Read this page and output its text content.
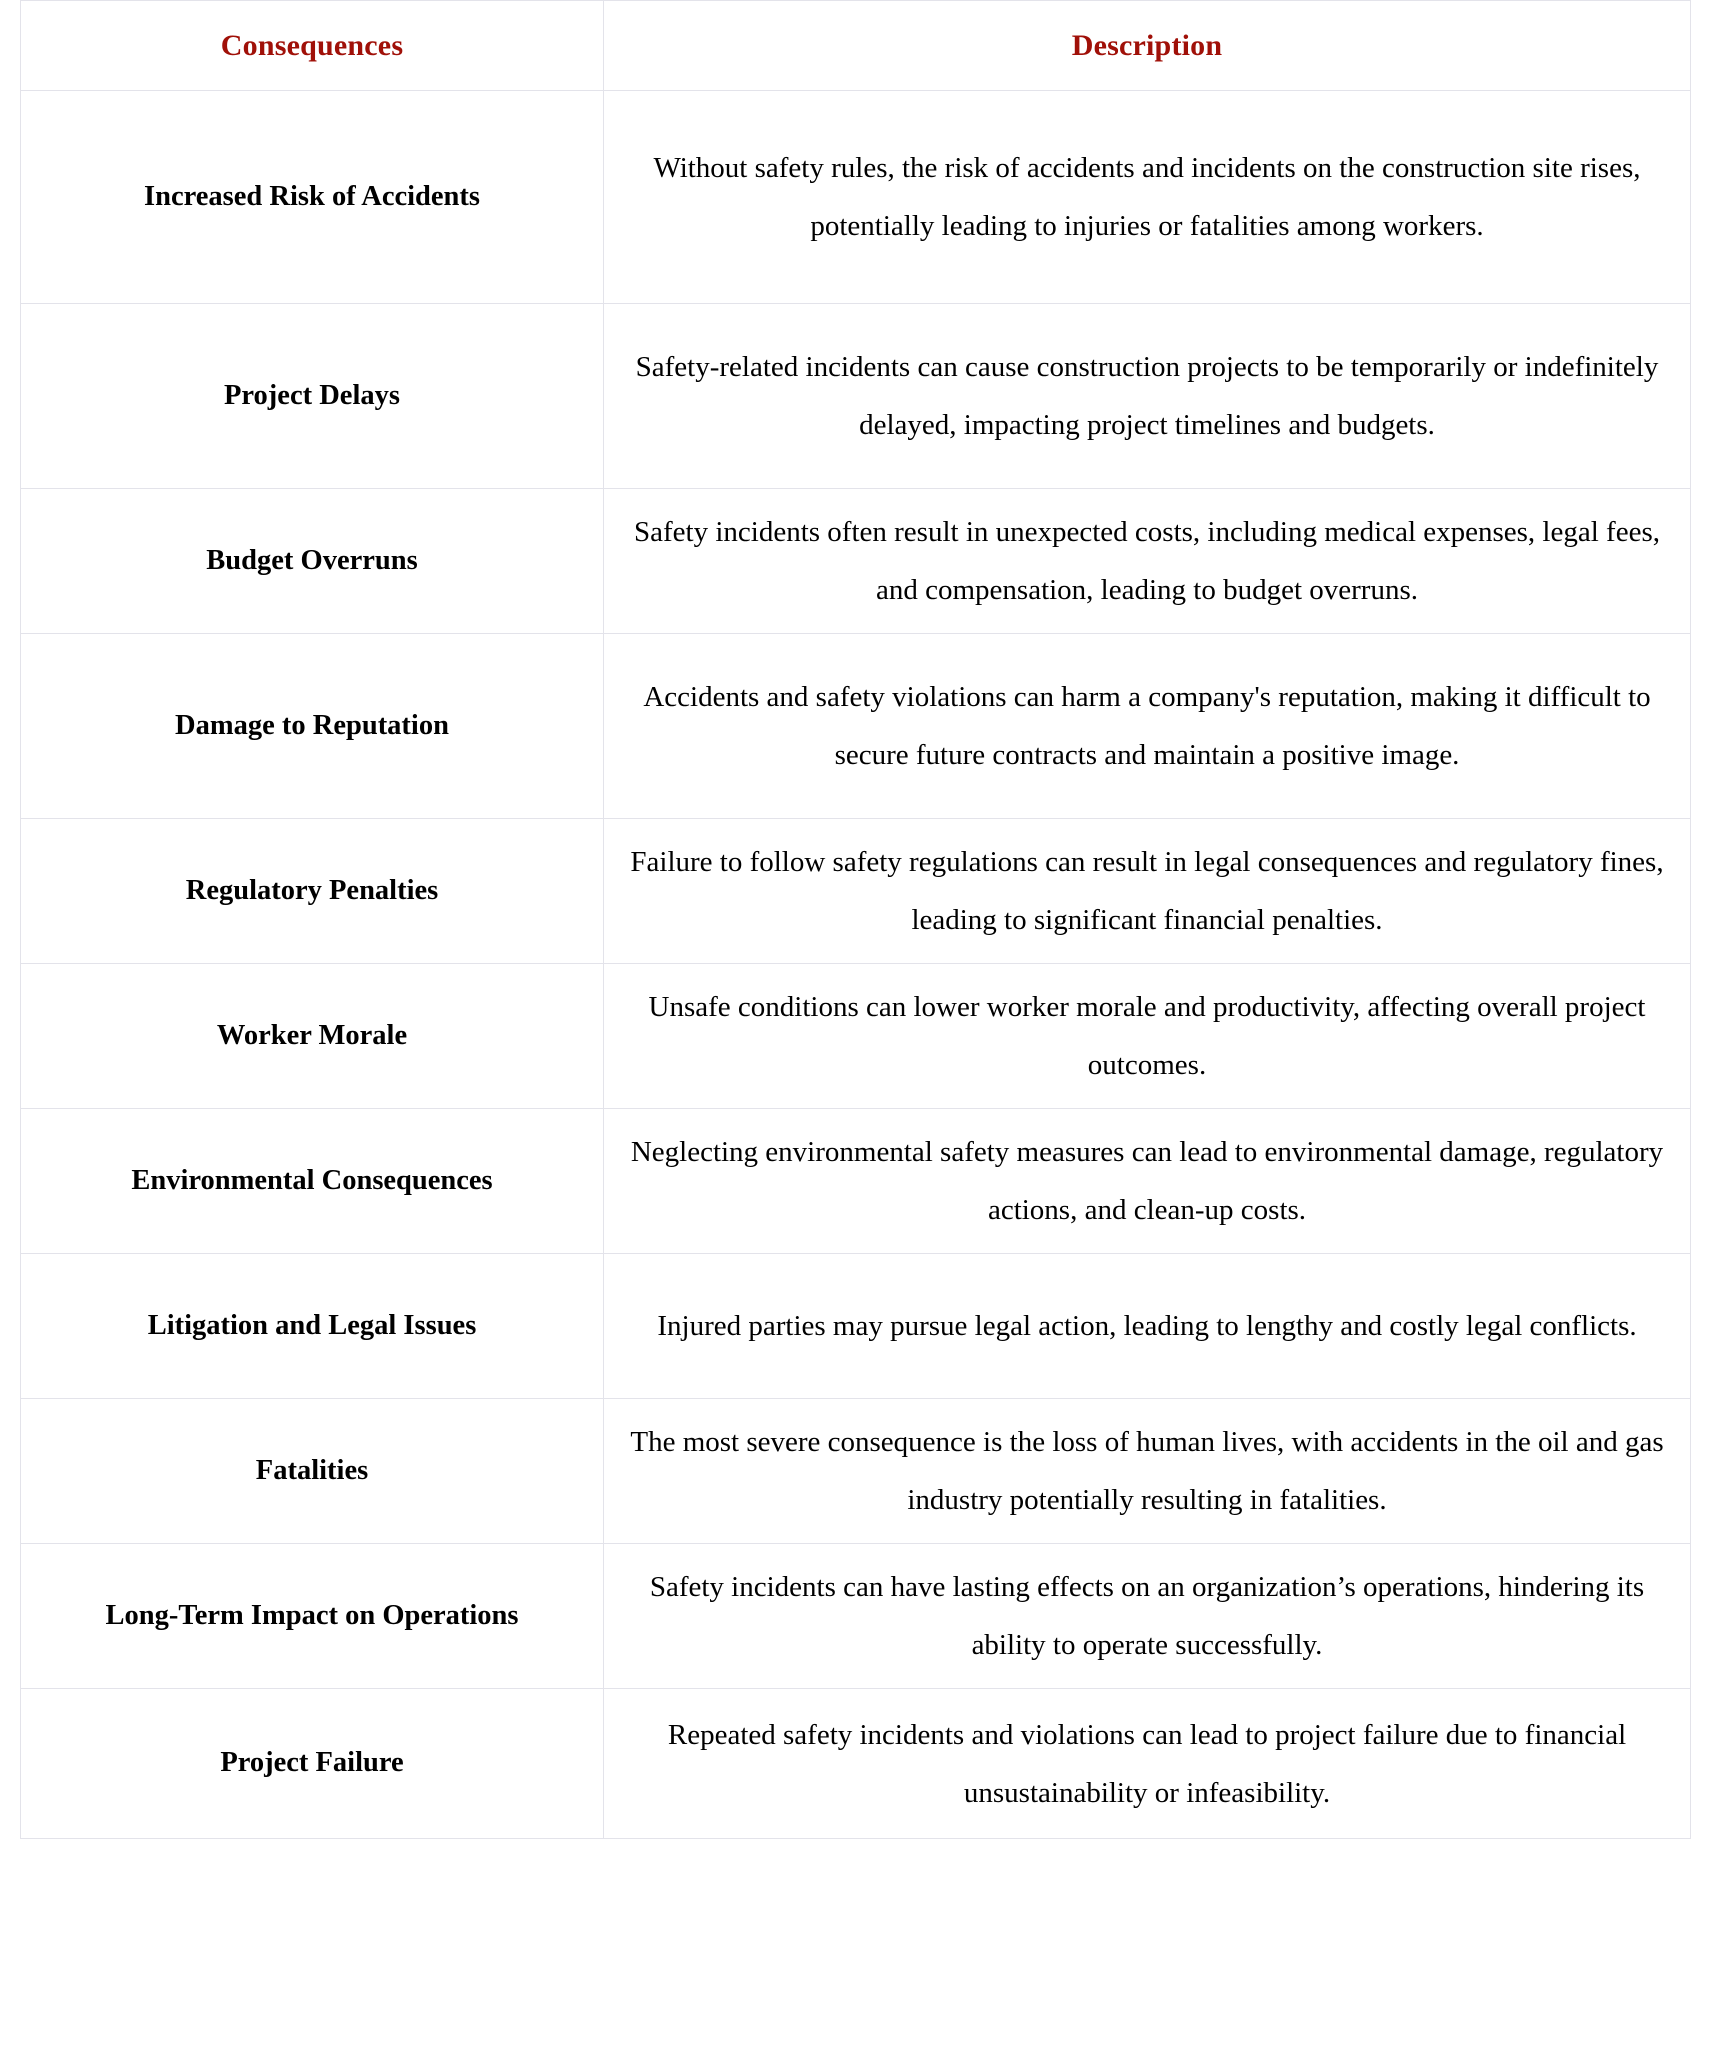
Consequences	Description
Increased Risk of Accidents	Without safety rules, the risk of accidents and incidents on the construction site rises, potentially leading to injuries or fatalities among workers.
Project Delays	Safety-related incidents can cause construction projects to be temporarily or indefinitely delayed, impacting project timelines and budgets.
Budget Overruns	Safety incidents often result in unexpected costs, including medical expenses, legal fees, and compensation, leading to budget overruns.
Damage to Reputation	Accidents and safety violations can harm a company's reputation, making it difficult to secure future contracts and maintain a positive image.
Regulatory Penalties	Failure to follow safety regulations can result in legal consequences and regulatory fines, leading to significant financial penalties.
Worker Morale	Unsafe conditions can lower worker morale and productivity, affecting overall project outcomes.
Environmental Consequences	Neglecting environmental safety measures can lead to environmental damage, regulatory actions, and clean-up costs.
Litigation and Legal Issues	Injured parties may pursue legal action, leading to lengthy and costly legal conflicts.
Fatalities	The most severe consequence is the loss of human lives, with accidents in the oil and gas industry potentially resulting in fatalities.
Long-Term Impact on Operations	Safety incidents can have lasting effects on an organization’s operations, hindering its ability to operate successfully.
Project Failure	Repeated safety incidents and violations can lead to project failure due to financial unsustainability or infeasibility.
